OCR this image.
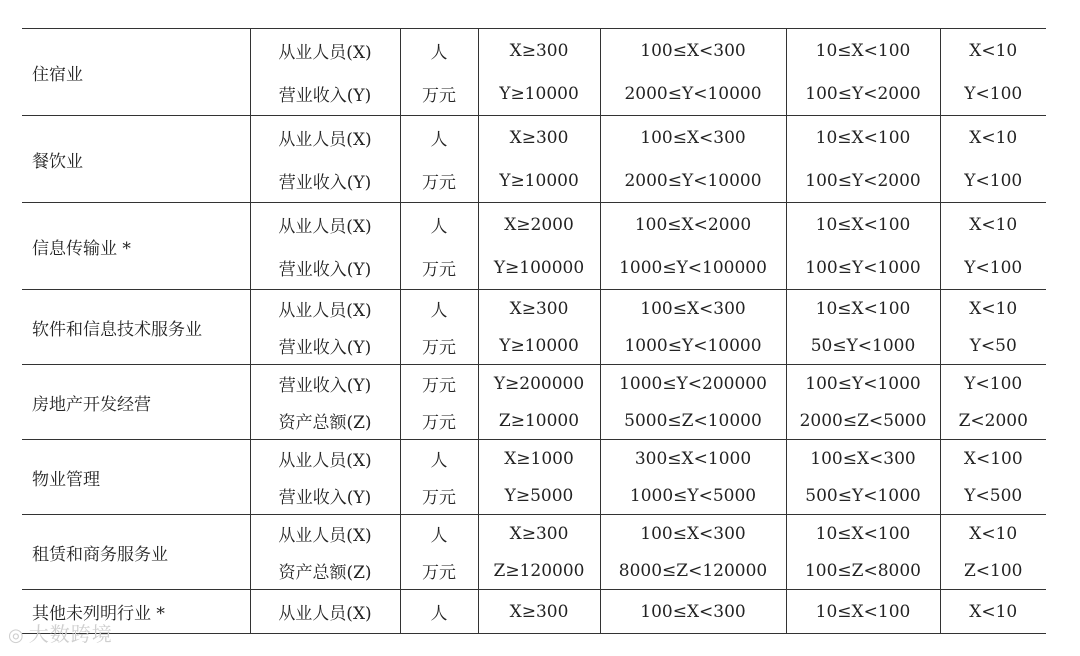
住宿业	从业人员(X)	人	X≥300	100≤X<300	10≤X<100	X<10
	营业收入(Y)	万元	Y≥10000	2000≤Y<10000	100≤Y<2000	Y<100
餐饮业	从业人员(X)	人	X≥300	100≤X<300	10≤X<100	X<10
	营业收入(Y)	万元	Y≥10000	2000≤Y<10000	100≤Y<2000	Y<100
信息传输业 *	从业人员(X)	人	X≥2000	100≤X<2000	10≤X<100	X<10
	营业收入(Y)	万元	Y≥100000	1000≤Y<100000	100≤Y<1000	Y<100
软件和信息技术服务业	从业人员(X)	人	X≥300	100≤X<300	10≤X<100	X<10
	营业收入(Y)	万元	Y≥10000	1000≤Y<10000	50≤Y<1000	Y<50
房地产开发经营	营业收入(Y)	万元	Y≥200000	1000≤Y<200000	100≤Y<1000	Y<100
	资产总额(Z)	万元	Z≥10000	5000≤Z<10000	2000≤Z<5000	Z<2000
物业管理	从业人员(X)	人	X≥1000	300≤X<1000	100≤X<300	X<100
	营业收入(Y)	万元	Y≥5000	1000≤Y<5000	500≤Y<1000	Y<500
租赁和商务服务业	从业人员(X)	人	X≥300	100≤X<300	10≤X<100	X<10
	资产总额(Z)	万元	Z≥120000	8000≤Z<120000	100≤Z<8000	Z<100
其他未列明行业 *	从业人员(X)	人	X≥300	100≤X<300	10≤X<100	X<10
◎ 大数跨境
